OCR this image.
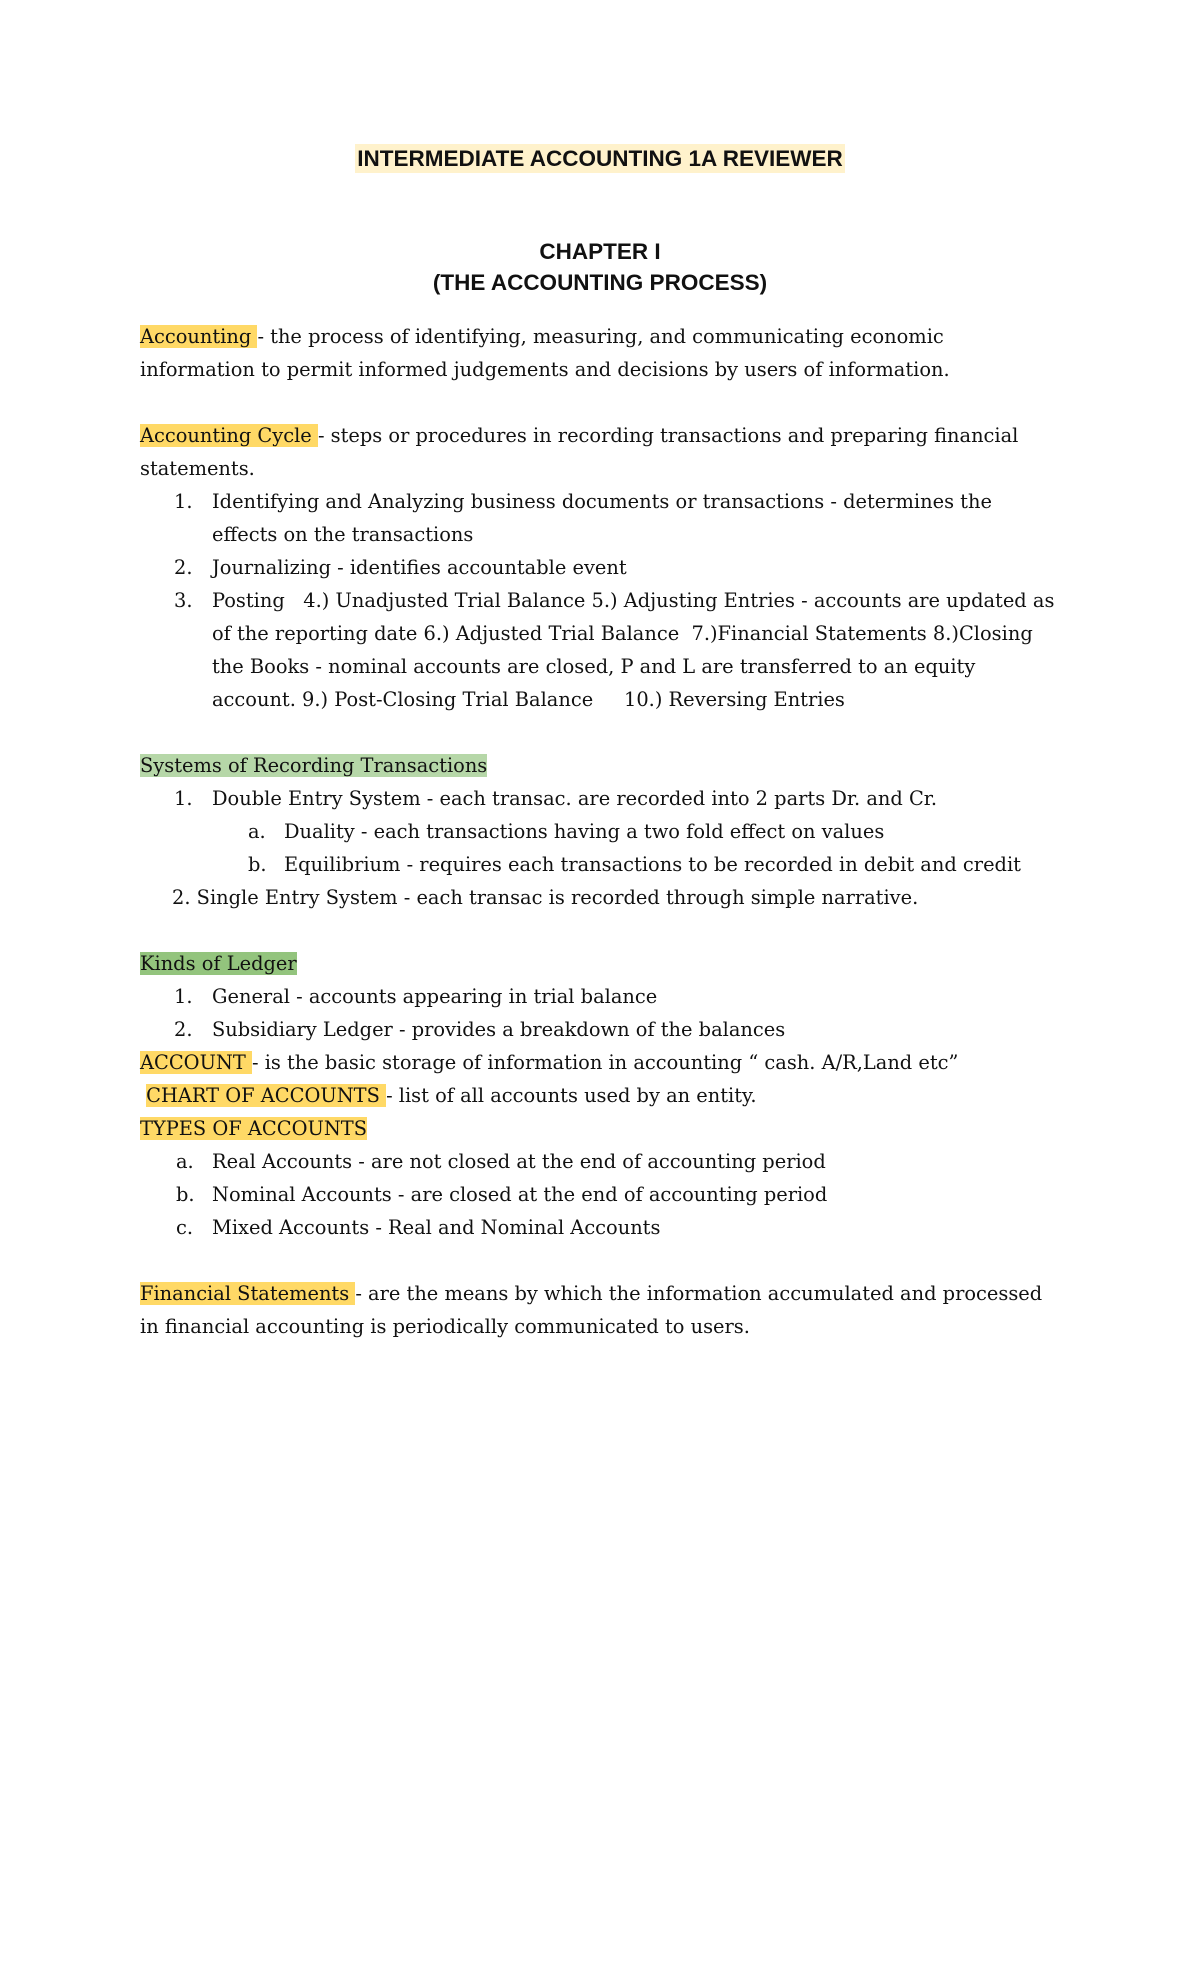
INTERMEDIATE ACCOUNTING 1A REVIEWER
CHAPTER I
(THE ACCOUNTING PROCESS)

Accounting - the process of identifying, measuring, and communicating economic information to permit informed judgements and decisions by users of information.

Accounting Cycle - steps or procedures in recording transactions and preparing financial statements.

1. Identifying and Analyzing business documents or transactions - determines the effects on the transactions
2. Journalizing - identifies accountable event
3. Posting   4.) Unadjusted Trial Balance 5.) Adjusting Entries - accounts are updated as of the reporting date 6.) Adjusted Trial Balance  7.)Financial Statements 8.)Closing the Books - nominal accounts are closed, P and L are transferred to an equity account. 9.) Post-Closing Trial Balance     10.) Reversing Entries

Systems of Recording Transactions

1. Double Entry System - each transac. are recorded into 2 parts Dr. and Cr.
a. Duality - each transactions having a two fold effect on values
b. Equilibrium - requires each transactions to be recorded in debit and credit
2. Single Entry System - each transac is recorded through simple narrative.

Kinds of Ledger

1. General - accounts appearing in trial balance
2. Subsidiary Ledger - provides a breakdown of the balances

ACCOUNT - is the basic storage of information in accounting “ cash. A/R,Land etc”

CHART OF ACCOUNTS - list of all accounts used by an entity.

TYPES OF ACCOUNTS

a. Real Accounts - are not closed at the end of accounting period
b. Nominal Accounts - are closed at the end of accounting period
c. Mixed Accounts - Real and Nominal Accounts

Financial Statements - are the means by which the information accumulated and processed in financial accounting is periodically communicated to users.
